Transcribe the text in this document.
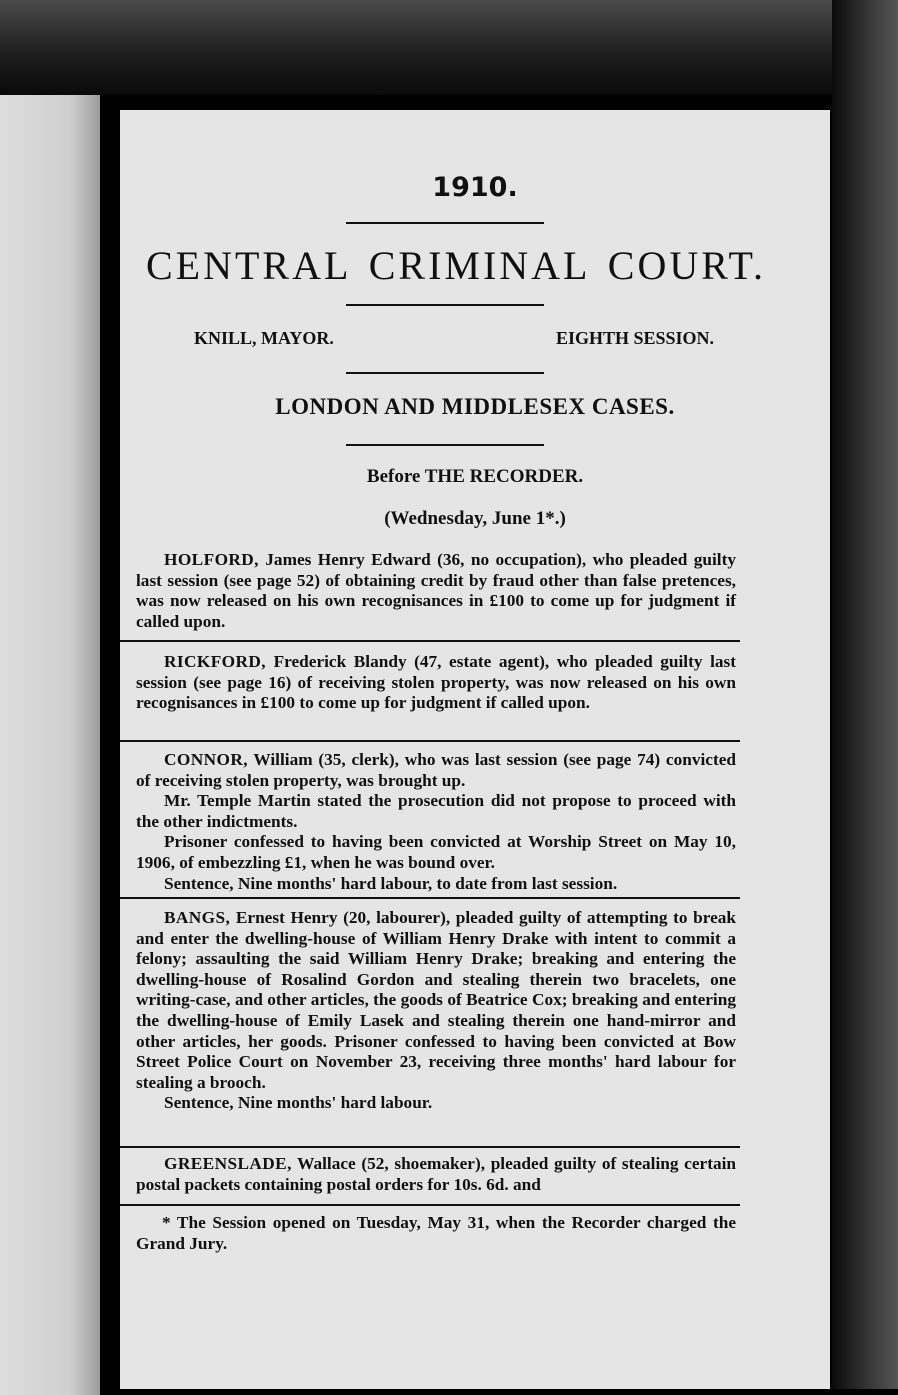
1910.
CENTRAL CRIMINAL COURT.
KNILL, MAYOR.	EIGHTH SESSION.
LONDON AND MIDDLESEX CASES.
Before THE RECORDER.
(Wednesday, June 1*.)

HOLFORD, James Henry Edward (36, no occupation), who pleaded guilty last session (see page 52) of obtaining credit by fraud other than false pretences, was now released on his own recognisances in £100 to come up for judgment if called upon.

RICKFORD, Frederick Blandy (47, estate agent), who pleaded guilty last session (see page 16) of receiving stolen property, was now released on his own recognisances in £100 to come up for judgment if called upon.

CONNOR, William (35, clerk), who was last session (see page 74) convicted of receiving stolen property, was brought up.

Mr. Temple Martin stated the prosecution did not propose to proceed with the other indictments.

Prisoner confessed to having been convicted at Worship Street on May 10, 1906, of embezzling £1, when he was bound over.

Sentence, Nine months' hard labour, to date from last session.

BANGS, Ernest Henry (20, labourer), pleaded guilty of attempting to break and enter the dwelling-house of William Henry Drake with intent to commit a felony; assaulting the said William Henry Drake; breaking and entering the dwelling-house of Rosalind Gordon and stealing therein two bracelets, one writing-case, and other articles, the goods of Beatrice Cox; breaking and entering the dwelling-house of Emily Lasek and stealing therein one hand-mirror and other articles, her goods. Prisoner confessed to having been convicted at Bow Street Police Court on November 23, receiving three months' hard labour for stealing a brooch.

Sentence, Nine months' hard labour.

GREENSLADE, Wallace (52, shoemaker), pleaded guilty of stealing certain postal packets containing postal orders for 10s. 6d. and

* The Session opened on Tuesday, May 31, when the Recorder charged the Grand Jury.
